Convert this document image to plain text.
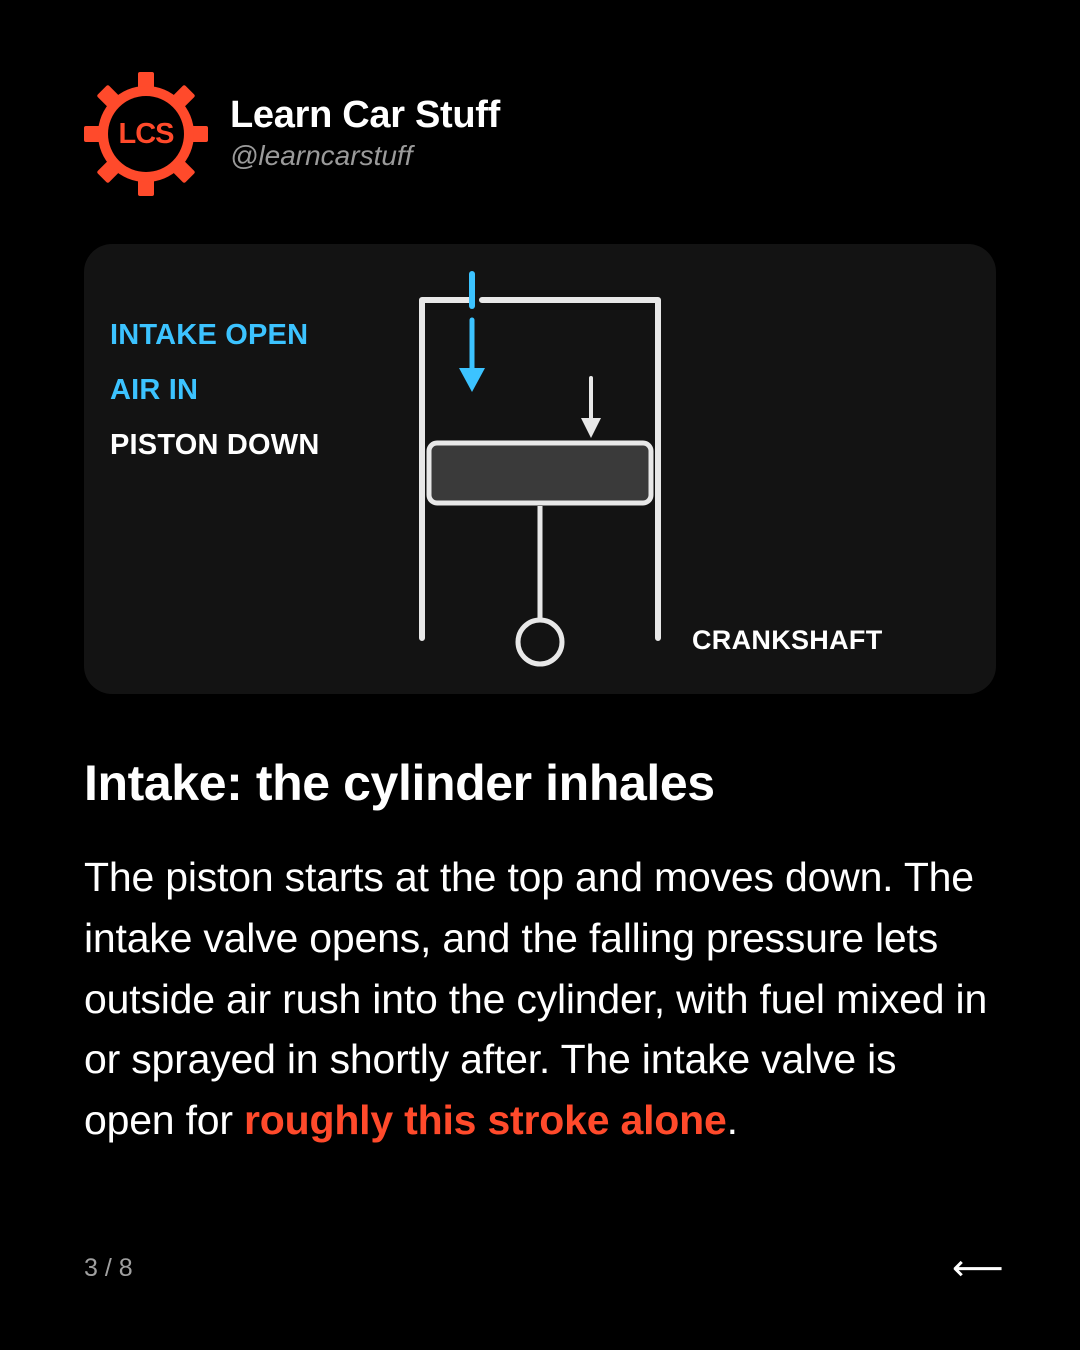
LCS	Learn Car Stuff
@learncarstuff
INTAKE OPEN
AIR IN
PISTON DOWN
CRANKSHAFT
Intake: the cylinder inhales

The piston starts at the top and moves down. The intake valve opens, and the falling pressure lets outside air rush into the cylinder, with fuel mixed in or sprayed in shortly after. The intake valve is open for roughly this stroke alone.

3 / 8	⟵
